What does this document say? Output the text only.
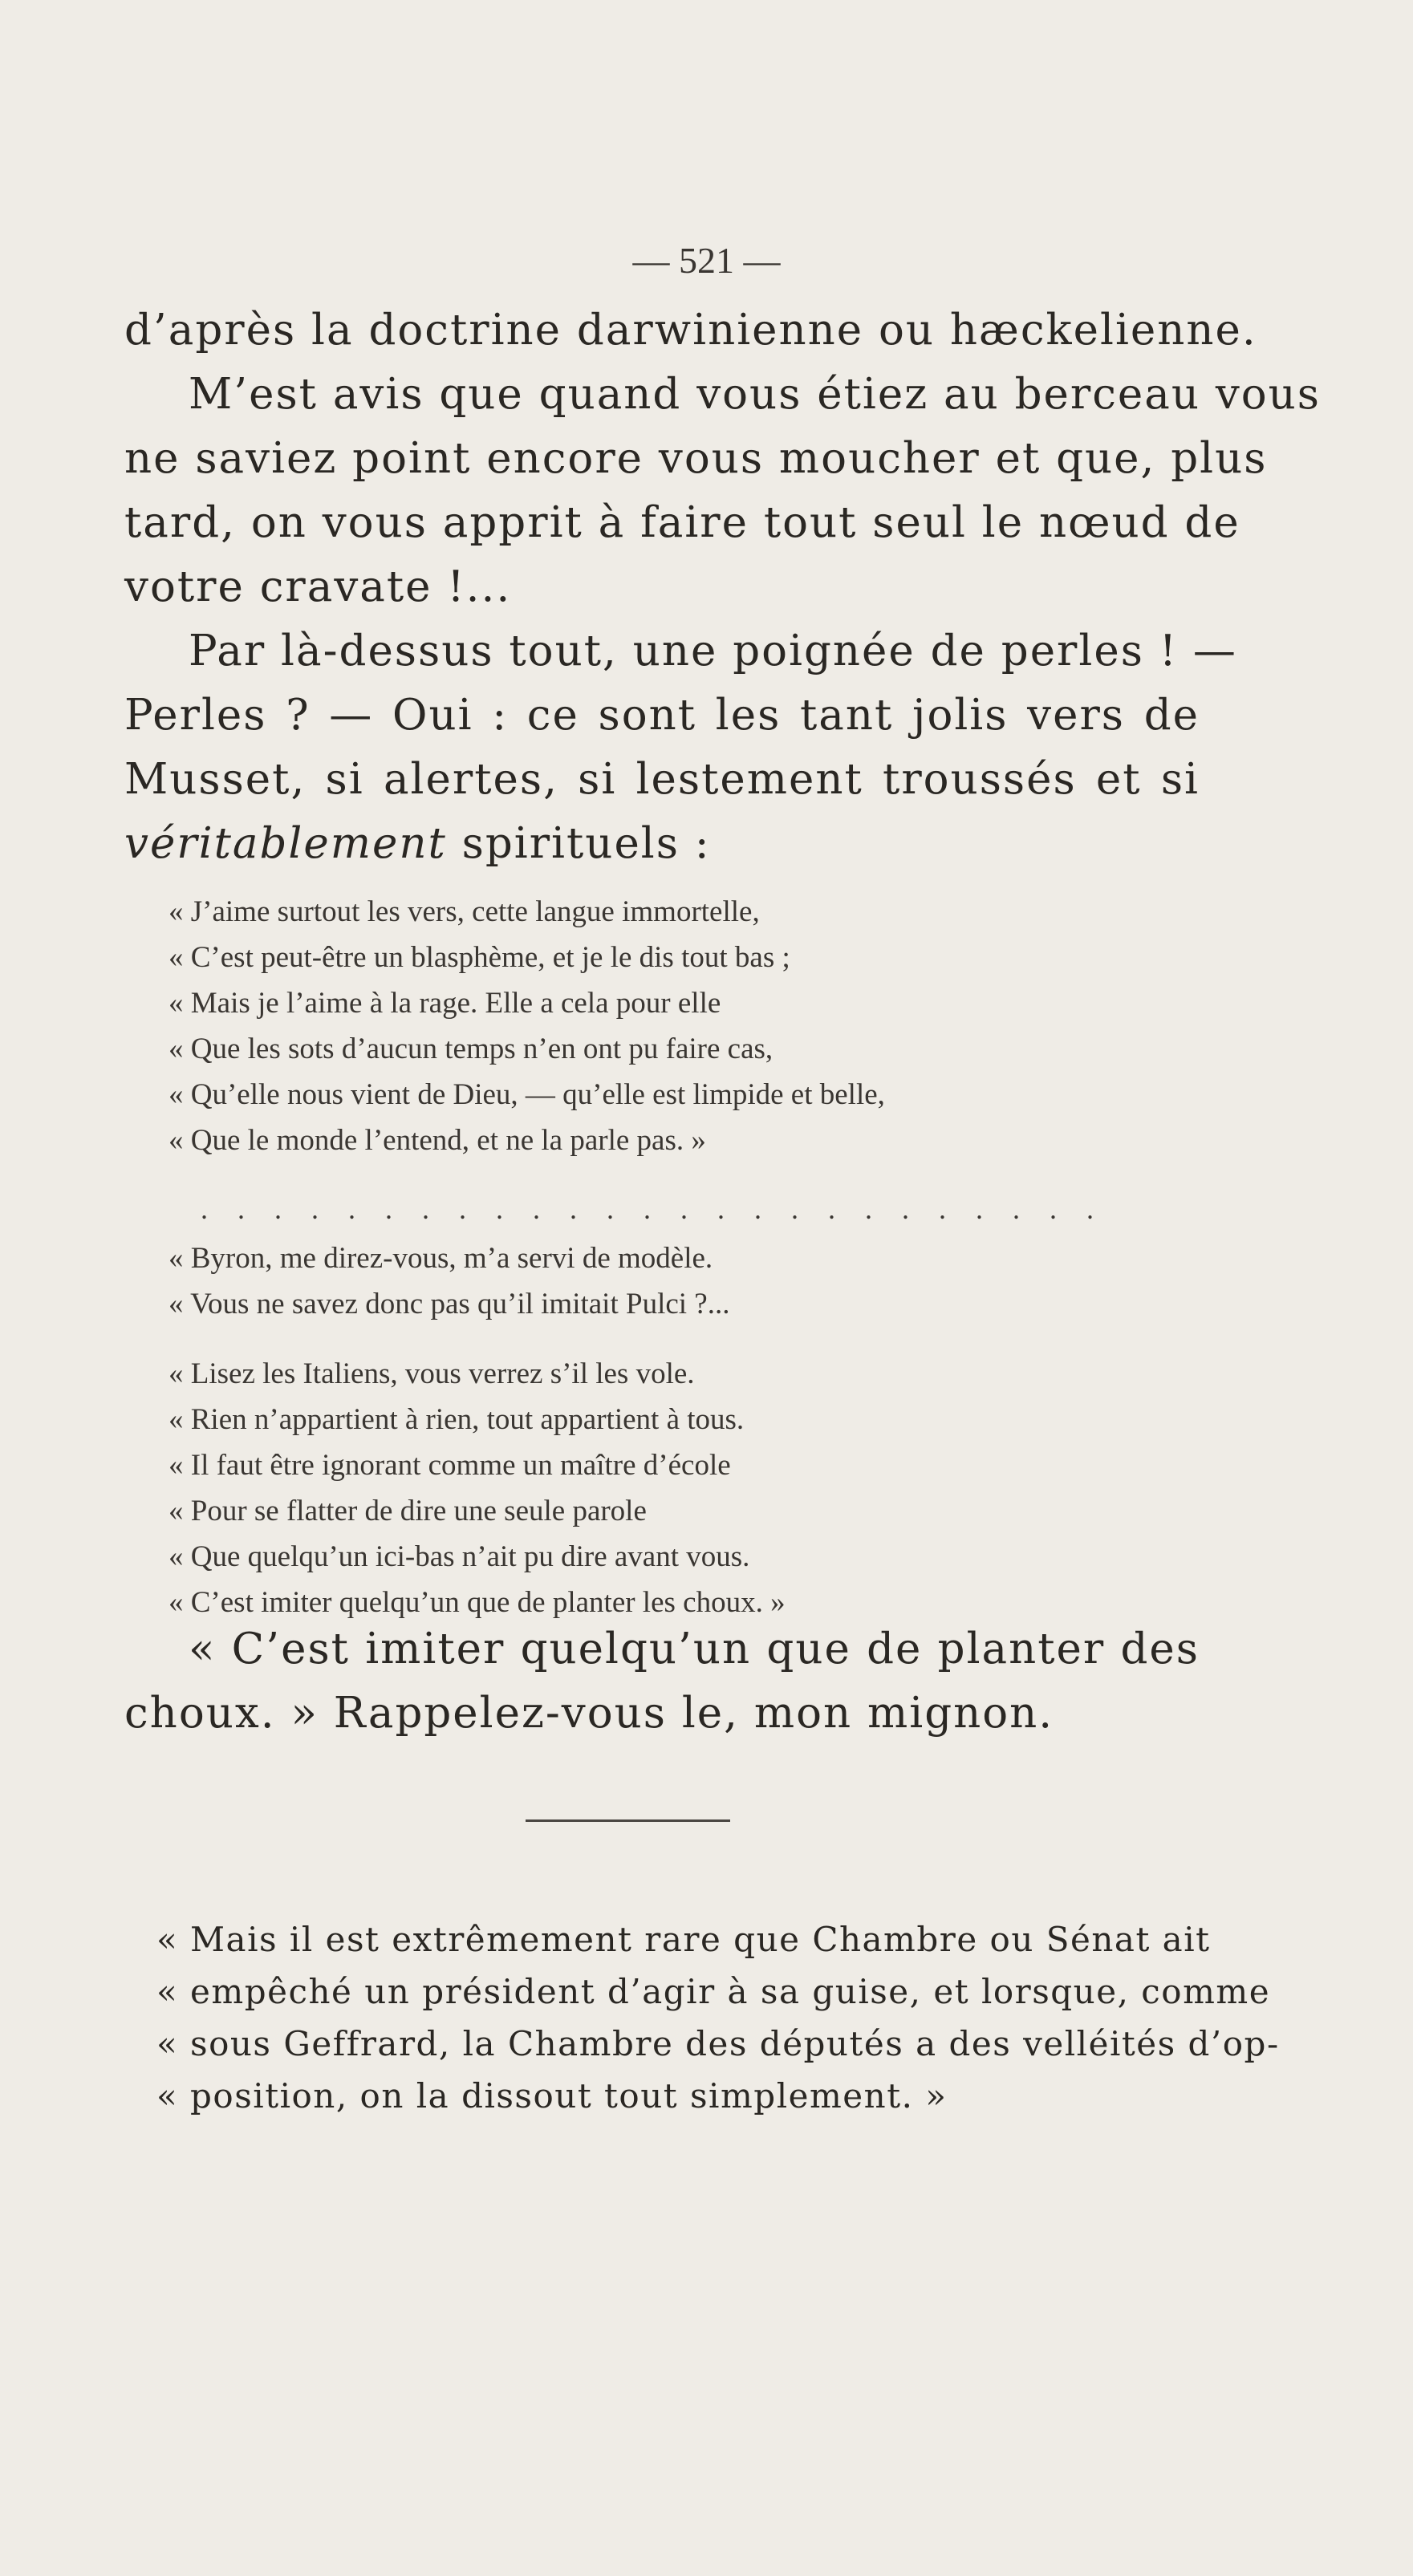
— 521 —
d’après la doctrine darwinienne ou hæckelienne.
M’est avis que quand vous étiez au berceau vous
ne saviez point encore vous moucher et que, plus
tard, on vous apprit à faire tout seul le nœud de
votre cravate !...
Par là-dessus tout, une poignée de perles ! —
Perles ? — Oui : ce sont les tant jolis vers de
Musset, si alertes, si lestement troussés et si
véritablement spirituels :
« J’aime surtout les vers, cette langue immortelle,
« C’est peut-être un blasphème, et je le dis tout bas ;
« Mais je l’aime à la rage. Elle a cela pour elle
« Que les sots d’aucun temps n’en ont pu faire cas,
« Qu’elle nous vient de Dieu, — qu’elle est limpide et belle,
« Que le monde l’entend, et ne la parle pas. »
. . . . . . . . . . . . . . . . . . . . . . . . .
« Byron, me direz-vous, m’a servi de modèle.
« Vous ne savez donc pas qu’il imitait Pulci ?...
« Lisez les Italiens, vous verrez s’il les vole.
« Rien n’appartient à rien, tout appartient à tous.
« Il faut être ignorant comme un maître d’école
« Pour se flatter de dire une seule parole
« Que quelqu’un ici-bas n’ait pu dire avant vous.
« C’est imiter quelqu’un que de planter les choux. »
« C’est imiter quelqu’un que de planter des
choux. » Rappelez-vous le, mon mignon.
« Mais il est extrêmement rare que Chambre ou Sénat ait
« empêché un président d’agir à sa guise, et lorsque, comme
« sous Geffrard, la Chambre des députés a des velléités d’op-
« position, on la dissout tout simplement. »
